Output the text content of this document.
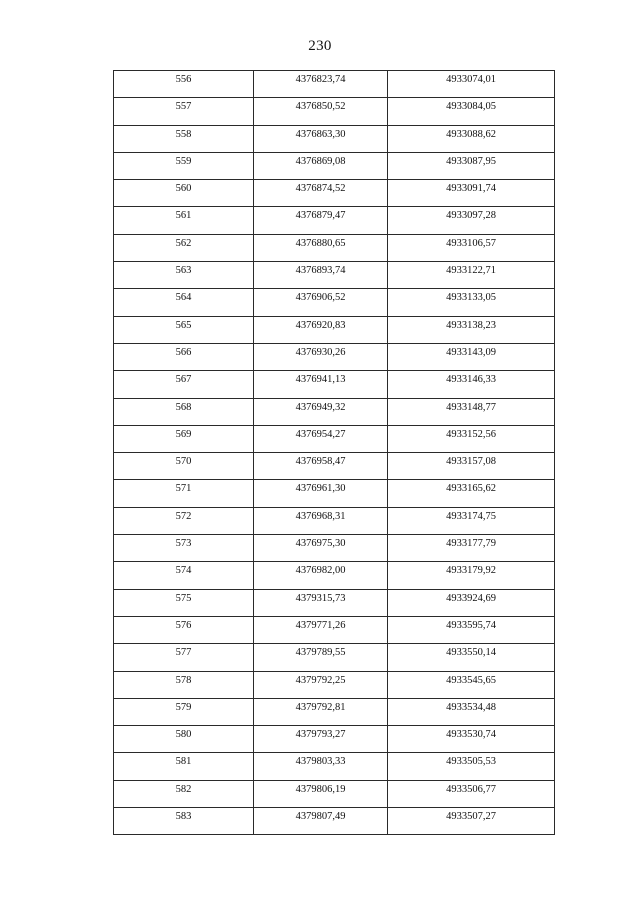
230
556	4376823,74	4933074,01
557	4376850,52	4933084,05
558	4376863,30	4933088,62
559	4376869,08	4933087,95
560	4376874,52	4933091,74
561	4376879,47	4933097,28
562	4376880,65	4933106,57
563	4376893,74	4933122,71
564	4376906,52	4933133,05
565	4376920,83	4933138,23
566	4376930,26	4933143,09
567	4376941,13	4933146,33
568	4376949,32	4933148,77
569	4376954,27	4933152,56
570	4376958,47	4933157,08
571	4376961,30	4933165,62
572	4376968,31	4933174,75
573	4376975,30	4933177,79
574	4376982,00	4933179,92
575	4379315,73	4933924,69
576	4379771,26	4933595,74
577	4379789,55	4933550,14
578	4379792,25	4933545,65
579	4379792,81	4933534,48
580	4379793,27	4933530,74
581	4379803,33	4933505,53
582	4379806,19	4933506,77
583	4379807,49	4933507,27
